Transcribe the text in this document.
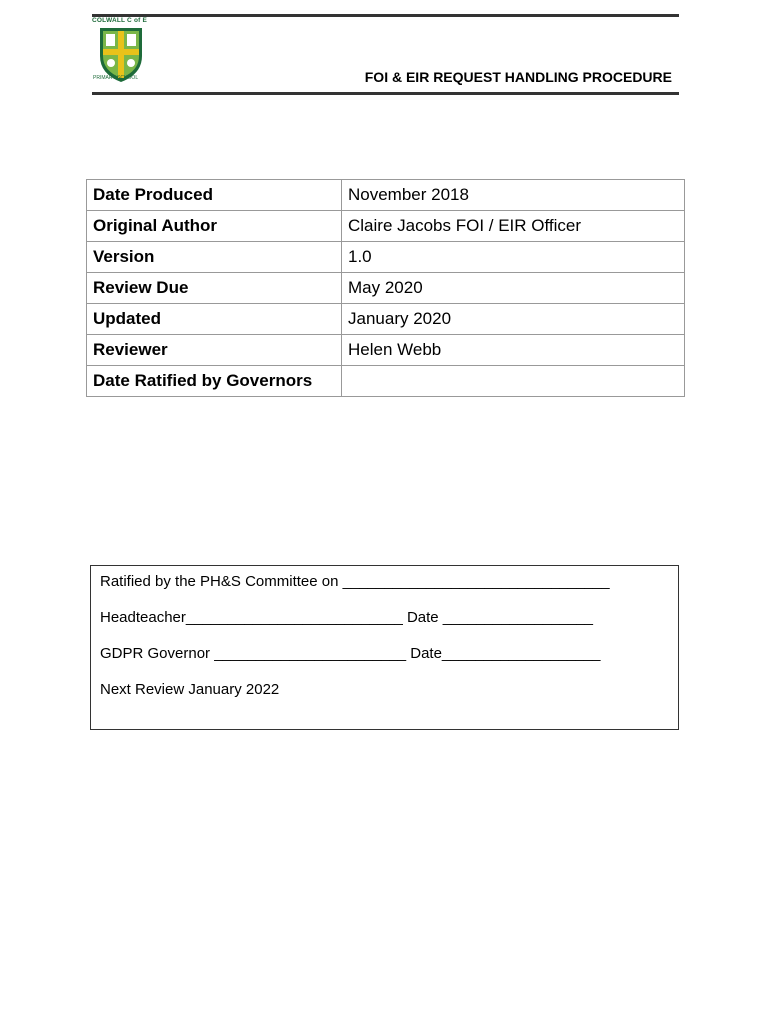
COLWALL C of E
PRIMARY SCHOOL	FOI & EIR REQUEST HANDLING PROCEDURE
Date Produced	November 2018
Original Author	Claire Jacobs FOI / EIR Officer
Version	1.0
Review Due	May 2020
Updated	January 2020
Reviewer	Helen Webb
Date Ratified by Governors	

Ratified by the PH&S Committee on ________________________________

Headteacher__________________________ Date __________________

GDPR Governor _______________________ Date___________________

Next Review January 2022
